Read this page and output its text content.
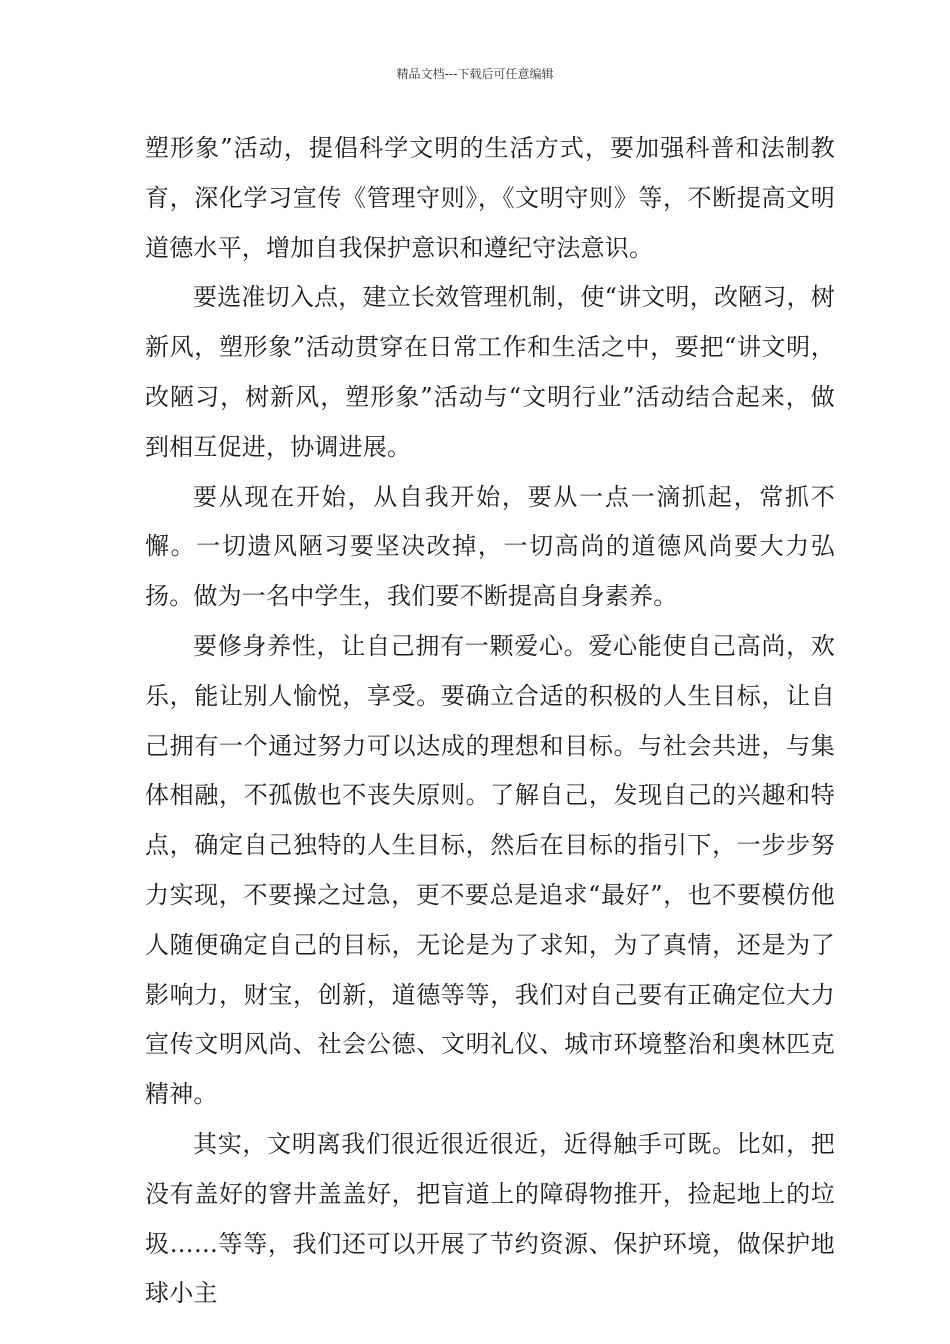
精品文档---下载后可任意编辑

塑形象”活动，提倡科学文明的生活方式，要加强科普和法制教育，深化学习宣传《管理守则》，《文明守则》等，不断提高文明道德水平，增加自我保护意识和遵纪守法意识。

要选准切入点，建立长效管理机制，使“讲文明，改陋习，树新风，塑形象”活动贯穿在日常工作和生活之中，要把“讲文明，改陋习，树新风，塑形象”活动与“文明行业”活动结合起来，做到相互促进，协调进展。

要从现在开始，从自我开始，要从一点一滴抓起，常抓不懈。一切遗风陋习要坚决改掉，一切高尚的道德风尚要大力弘扬。做为一名中学生，我们要不断提高自身素养。

要修身养性，让自己拥有一颗爱心。爱心能使自己高尚，欢乐，能让别人愉悦，享受。要确立合适的积极的人生目标，让自己拥有一个通过努力可以达成的理想和目标。与社会共进，与集体相融，不孤傲也不丧失原则。了解自己，发现自己的兴趣和特点，确定自己独特的人生目标，然后在目标的指引下，一步步努力实现，不要操之过急，更不要总是追求“最好”，也不要模仿他人随便确定自己的目标，无论是为了求知，为了真情，还是为了影响力，财宝，创新，道德等等，我们对自己要有正确定位大力宣传文明风尚、社会公德、文明礼仪、城市环境整治和奥林匹克精神。

其实，文明离我们很近很近很近，近得触手可既。比如，把没有盖好的窨井盖盖好，把盲道上的障碍物推开，捡起地上的垃圾……等等，我们还可以开展了节约资源、保护环境，做保护地球小主
